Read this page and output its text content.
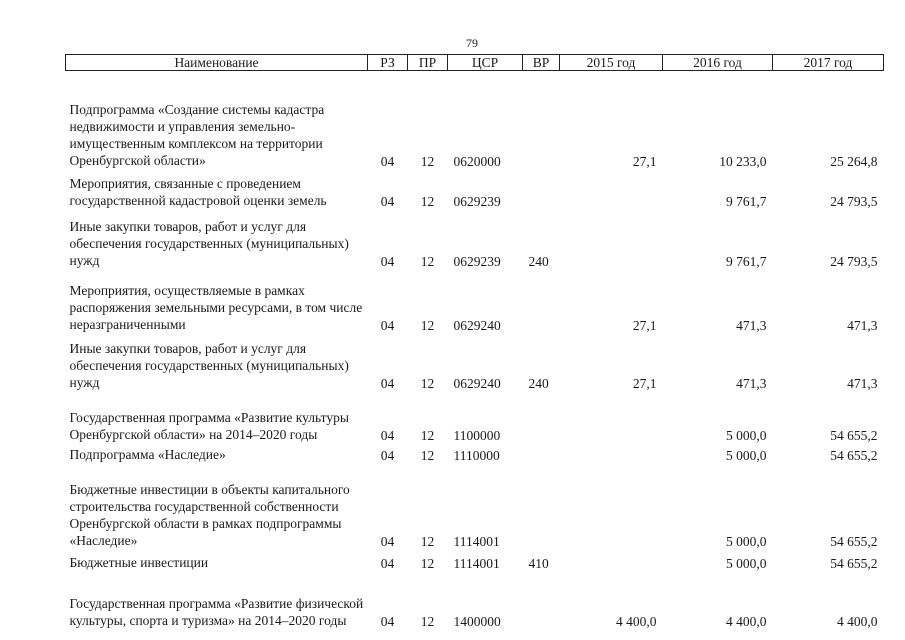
79
Наименование	РЗ	ПР	ЦСР	ВР	2015 год	2016 год	2017 год
Подпрограмма «Создание системы кадастра недвижимости и управления земельно-имущественным комплексом на территории Оренбургской области»	04	12	0620000		27,1	10 233,0	25 264,8
Мероприятия, связанные с проведением государственной кадастровой оценки земель	04	12	0629239			9 761,7	24 793,5
Иные закупки товаров, работ и услуг для обеспечения государственных (муниципальных) нужд	04	12	0629239	240		9 761,7	24 793,5
Мероприятия, осуществляемые в рамках распоряжения земельными ресурсами, в том числе неразграниченными	04	12	0629240		27,1	471,3	471,3
Иные закупки товаров, работ и услуг для обеспечения государственных (муниципальных) нужд	04	12	0629240	240	27,1	471,3	471,3
Государственная программа «Развитие культуры Оренбургской области» на 2014–2020 годы	04	12	1100000			5 000,0	54 655,2
Подпрограмма «Наследие»	04	12	1110000			5 000,0	54 655,2
Бюджетные инвестиции в объекты капитального строительства государственной собственности Оренбургской области в рамках подпрограммы «Наследие»	04	12	1114001			5 000,0	54 655,2
Бюджетные инвестиции	04	12	1114001	410		5 000,0	54 655,2
Государственная программа «Развитие физической культуры, спорта и туризма» на 2014–2020 годы	04	12	1400000		4 400,0	4 400,0	4 400,0
